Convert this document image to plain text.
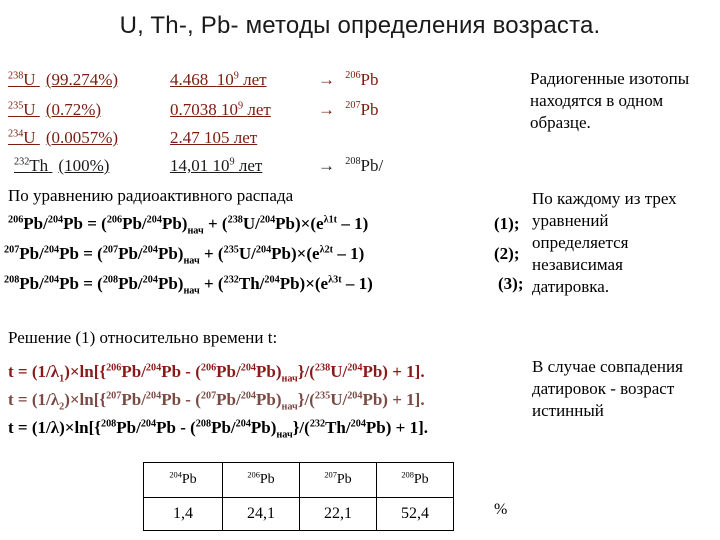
U, Th-, Pb- методы определения возраста.
$^{238}$U (99.274%)	4.468 $10^9$ лет	→ $^{206}$Pb
$^{235}$U (0.72%)	0.7038 $10^9$ лет	→ $^{207}$Pb
$^{234}$U (0.0057%)	2.47 105 лет
$^{232}$Th (100%)	14,01 $10^9$ лет	→ $^{208}$Pb/
Радиогенные изотопы находятся в одном образце.
По уравнению радиоактивного распада
$^{206}Pb/^{204}Pb = (^{206}Pb/^{204}Pb)_{нач} + (^{238}U/^{204}Pb)\times(e^{\lambda 1t} - 1)$	(1);
$^{207}Pb/^{204}Pb = (^{207}Pb/^{204}Pb)_{нач} + (^{235}U/^{204}Pb)\times(e^{\lambda 2t} - 1)$	(2);
$^{208}Pb/^{204}Pb = (^{208}Pb/^{204}Pb)_{нач} + (^{232}Th/^{204}Pb)\times(e^{\lambda 3t} - 1)$	(3);
По каждому из трех уравнений определяется независимая датировка.
Решение (1) относительно времени t:
$t = (1/\lambda_1)\times\ln[\{^{206}Pb/^{204}Pb - (^{206}Pb/^{204}Pb)_{нач}\}/(^{238}U/^{204}Pb) + 1]$.
$t = (1/\lambda_2)\times\ln[\{^{207}Pb/^{204}Pb - (^{207}Pb/^{204}Pb)_{нач}\}/(^{235}U/^{204}Pb) + 1]$.
$t = (1/\lambda)\times\ln[\{^{208}Pb/^{204}Pb - (^{208}Pb/^{204}Pb)_{нач}\}/(^{232}Th/^{204}Pb) + 1]$.
В случае совпадения датировок - возраст истинный
$^{204}$Pb	$^{206}$Pb	$^{207}$Pb	$^{208}$Pb
1,4	24,1	22,1	52,4	%
